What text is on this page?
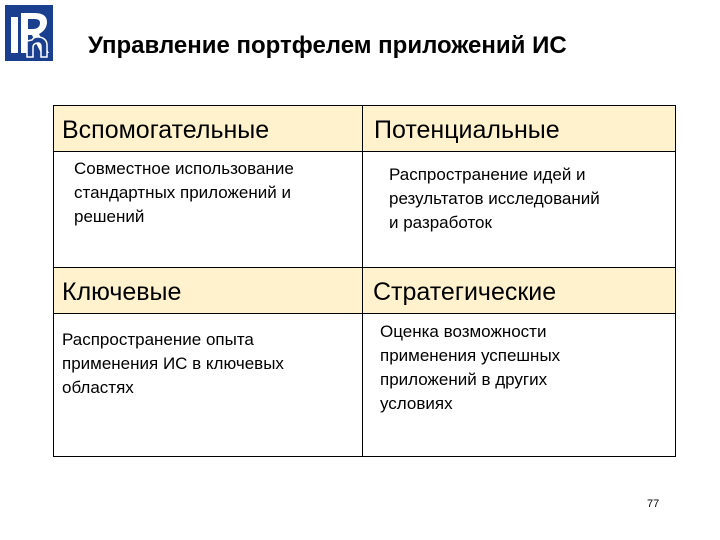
Управление портфелем приложений ИС
Вспомогательные
Совместное использование
стандартных приложений и
решений
Потенциальные
Распространение идей и
результатов исследований
и разработок
Ключевые
Распространение опыта
применения ИС в ключевых
областях
Стратегические
Оценка возможности
применения успешных
приложений в других
условиях
77
